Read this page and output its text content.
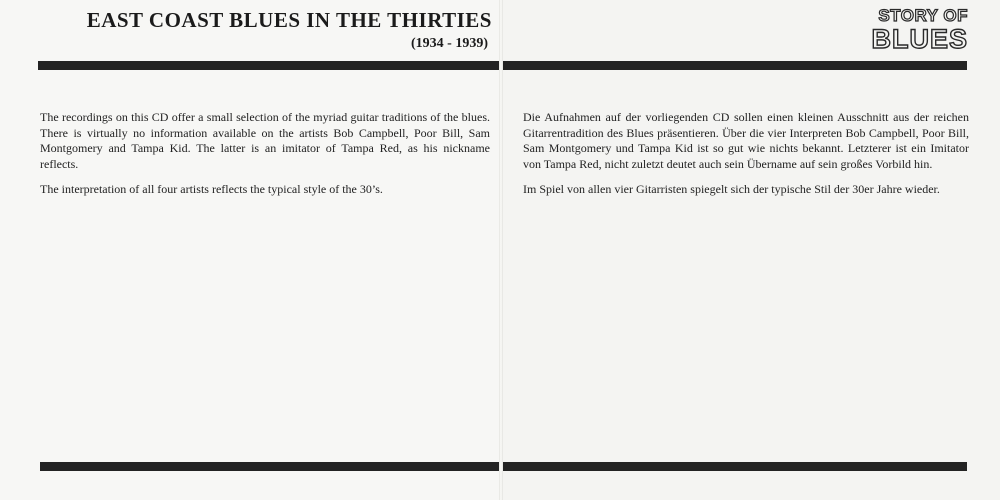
EAST COAST BLUES IN THE THIRTIES
(1934 - 1939)
STORY OF
BLUES

The recordings on this CD offer a small selection of the myriad guitar traditions of the blues. There is virtually no information available on the artists Bob Campbell, Poor Bill, Sam Montgomery and Tampa Kid. The latter is an imitator of Tampa Red, as his nickname reflects.

The interpretation of all four artists reflects the typical style of the 30’s.

Die Aufnahmen auf der vorliegenden CD sollen einen kleinen Ausschnitt aus der reichen Gitarrentradition des Blues präsentieren. Über die vier Interpreten Bob Campbell, Poor Bill, Sam Montgomery und Tampa Kid ist so gut wie nichts bekannt. Letzterer ist ein Imitator von Tampa Red, nicht zuletzt deutet auch sein Übername auf sein großes Vorbild hin.

Im Spiel von allen vier Gitarristen spiegelt sich der typische Stil der 30er Jahre wieder.
